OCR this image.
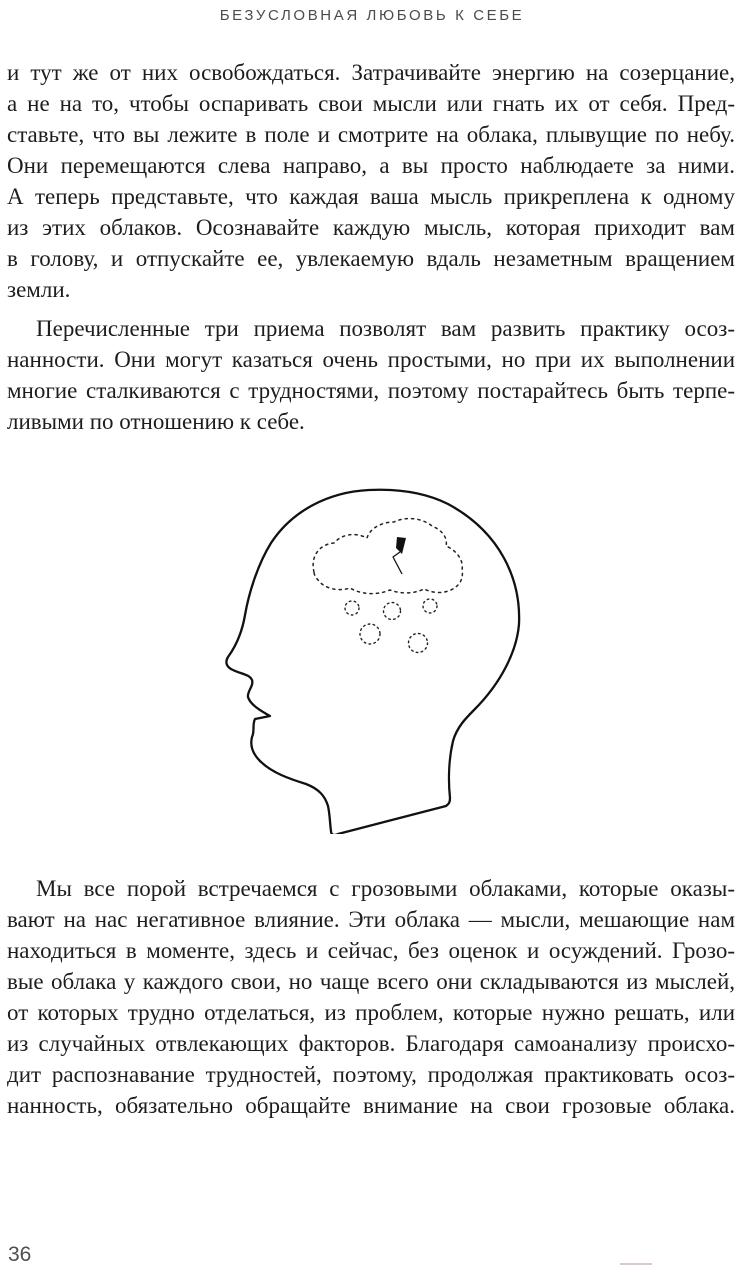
БЕЗУСЛОВНАЯ ЛЮБОВЬ К СЕБЕ
и тут же от них освобождаться. Затрачивайте энергию на созерцание,
а не на то, чтобы оспаривать свои мысли или гнать их от себя. Пред-
ставьте, что вы лежите в поле и смотрите на облака, плывущие по небу.
Они перемещаются слева направо, а вы просто наблюдаете за ними.
А теперь представьте, что каждая ваша мысль прикреплена к одному
из этих облаков. Осознавайте каждую мысль, которая приходит вам
в голову, и отпускайте ее, увлекаемую вдаль незаметным вращением
земли.
Перечисленные три приема позволят вам развить практику осоз-
нанности. Они могут казаться очень простыми, но при их выполнении
многие сталкиваются с трудностями, поэтому постарайтесь быть терпе-
ливыми по отношению к себе.
Мы все порой встречаемся с грозовыми облаками, которые оказы-
вают на нас негативное влияние. Эти облака — мысли, мешающие нам
находиться в моменте, здесь и сейчас, без оценок и осуждений. Грозо-
вые облака у каждого свои, но чаще всего они складываются из мыслей,
от которых трудно отделаться, из проблем, которые нужно решать, или
из случайных отвлекающих факторов. Благодаря самоанализу происхо-
дит распознавание трудностей, поэтому, продолжая практиковать осоз-
нанность, обязательно обращайте внимание на свои грозовые облака.
36
